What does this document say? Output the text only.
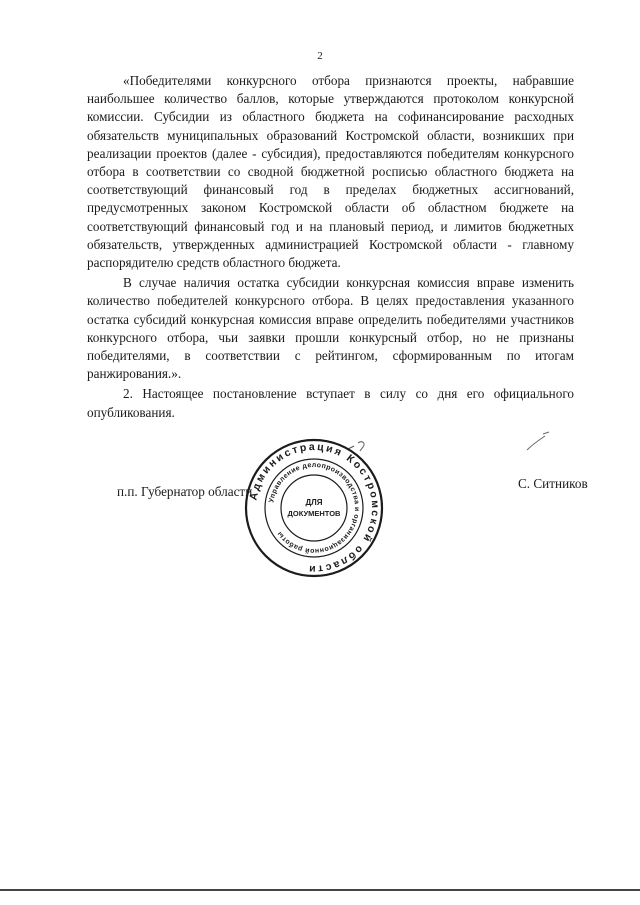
2

«Победителями конкурсного отбора признаются проекты, набравшие наибольшее количество баллов, которые утверждаются протоколом конкурсной комиссии. Субсидии из областного бюджета на софинансирование расходных обязательств муниципальных образований Костромской области, возникших при реализации проектов (далее - субсидия), предоставляются победителям конкурсного отбора в соответствии со сводной бюджетной росписью областного бюджета на соответствующий финансовый год в пределах бюджетных ассигнований, предусмотренных законом Костромской области об областном бюджете на соответствующий финансовый год и на плановый период, и лимитов бюджетных обязательств, утвержденных администрацией Костромской области - главному распорядителю средств областного бюджета.

В случае наличия остатка субсидии конкурсная комиссия вправе изменить количество победителей конкурсного отбора. В целях предоставления указанного остатка субсидий конкурсная комиссия вправе определить победителями участников конкурсного отбора, чьи заявки прошли конкурсный отбор, но не признаны победителями, в соответствии с рейтингом, сформированным по итогам ранжирования.».

2. Настоящее постановление вступает в силу со дня его официального опубликования.

п.п. Губернатор области
Администрация Костромской области
Управление делопроизводства и организационной работы
ДЛЯ
ДОКУМЕНТОВ
С. Ситников
